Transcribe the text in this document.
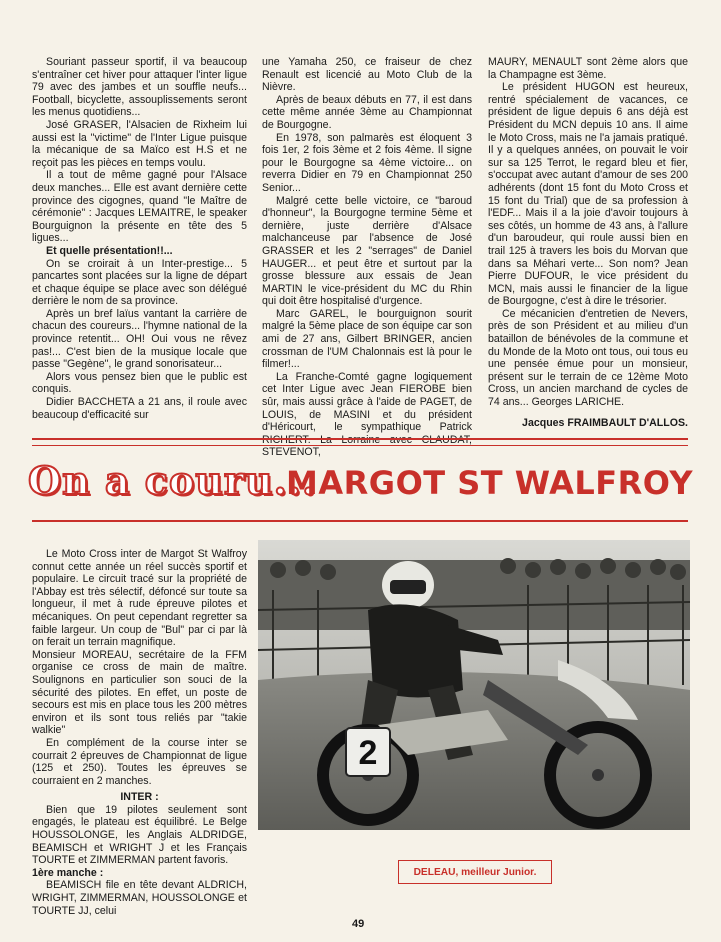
Souriant passeur sportif, il va beaucoup s'entraîner cet hiver pour attaquer l'inter ligue 79 avec des jambes et un souffle neufs... Football, bicyclette, assouplissements seront les menus quotidiens...

José GRASER, l'Alsacien de Rixheim lui aussi est la "victime" de l'Inter Ligue puisque la mécanique de sa Maïco est H.S et ne reçoit pas les pièces en temps voulu.

Il a tout de même gagné pour l'Alsace deux manches... Elle est avant dernière cette province des cigognes, quand "le Maître de cérémonie" : Jacques LEMAITRE, le speaker Bourguignon la présente en tête des 5 ligues...

Et quelle présentation!!...

On se croirait à un Inter-prestige... 5 pancartes sont placées sur la ligne de départ et chaque équipe se place avec son délégué derrière le nom de sa province.

Après un bref laïus vantant la carrière de chacun des coureurs... l'hymne national de la province retentit... OH! Oui vous ne rêvez pas!... C'est bien de la musique locale que passe "Gegène", le grand sonorisateur...

Alors vous pensez bien que le public est conquis.

Didier BACCHETA a 21 ans, il roule avec beaucoup d'efficacité sur

une Yamaha 250, ce fraiseur de chez Renault est licencié au Moto Club de la Nièvre.

Après de beaux débuts en 77, il est dans cette même année 3ème au Championnat de Bourgogne.

En 1978, son palmarès est éloquent 3 fois 1er, 2 fois 3ème et 2 fois 4ème. Il signe pour le Bourgogne sa 4ème victoire... on reverra Didier en 79 en Championnat 250 Senior...

Malgré cette belle victoire, ce "baroud d'honneur", la Bourgogne termine 5ème et dernière, juste derrière d'Alsace malchanceuse par l'absence de José GRASSER et les 2 "serrages" de Daniel HAUGER... et peut être et surtout par la grosse blessure aux essais de Jean MARTIN le vice-président du MC du Rhin qui doit être hospitalisé d'urgence.

Marc GAREL, le bourguignon sourit malgré la 5ème place de son équipe car son ami de 27 ans, Gilbert BRINGER, ancien crossman de l'UM Chalonnais est là pour le filmer!...

La Franche-Comté gagne logiquement cet Inter Ligue avec Jean FIEROBE bien sûr, mais aussi grâce à l'aide de PAGET, de LOUIS, de MASINI et du président d'Héricourt, le sympathique Patrick RICHERT. La Lorraine avec CLAUDAT, STEVENOT,

MAURY, MENAULT sont 2ème alors que la Champagne est 3ème.

Le président HUGON est heureux, rentré spécialement de vacances, ce président de ligue depuis 6 ans déjà est Président du MCN depuis 10 ans. Il aime le Moto Cross, mais ne l'a jamais pratiqué. Il y a quelques années, on pouvait le voir sur sa 125 Terrot, le regard bleu et fier, s'occupat avec autant d'amour de ses 200 adhérents (dont 15 font du Moto Cross et 15 font du Trial) que de sa profession à l'EDF... Mais il a la joie d'avoir toujours à ses côtés, un homme de 43 ans, à l'allure d'un baroudeur, qui roule aussi bien en trail 125 à travers les bois du Morvan que dans sa Méhari verte... Son nom? Jean Pierre DUFOUR, le vice président du MCN, mais aussi le financier de la ligue de Bourgogne, c'est à dire le trésorier.

Ce mécanicien d'entretien de Nevers, près de son Président et au milieu d'un bataillon de bénévoles de la commune et du Monde de la Moto ont tous, oui tous eu une pensée émue pour un monsieur, présent sur le terrain de ce 12ème Moto Cross, un ancien marchand de cycles de 74 ans... Georges LARICHE.

Jacques FRAIMBAULT D'ALLOS.

On a couru...
MARGOT ST WALFROY

Le Moto Cross inter de Margot St Walfroy connut cette année un réel succès sportif et populaire. Le circuit tracé sur la propriété de l'Abbay est très sélectif, défoncé sur toute sa longueur, il met à rude épreuve pilotes et mécaniques. On peut cependant regretter sa faible largeur. Un coup de "Bul" par ci par là on ferait un terrain magnifique.

Monsieur MOREAU, secrétaire de la FFM organise ce cross de main de maître. Soulignons en particulier son souci de la sécurité des pilotes. En effet, un poste de secours est mis en place tous les 200 mètres environ et ils sont tous reliés par "takie walkie"

En complément de la course inter se courrait 2 épreuves de Championnat de ligue (125 et 250). Toutes les épreuves se courraient en 2 manches.

INTER :

Bien que 19 pilotes seulement sont engagés, le plateau est équilibré. Le Belge HOUSSOLONGE, les Anglais ALDRIDGE, BEAMISCH et WRIGHT J et les Français TOURTE et ZIMMERMAN partent favoris.

1ère manche :

BEAMISCH file en tête devant ALDRICH, WRIGHT, ZIMMERMAN, HOUSSOLONGE et TOURTE JJ, celui

2
DELEAU, meilleur Junior.
49
